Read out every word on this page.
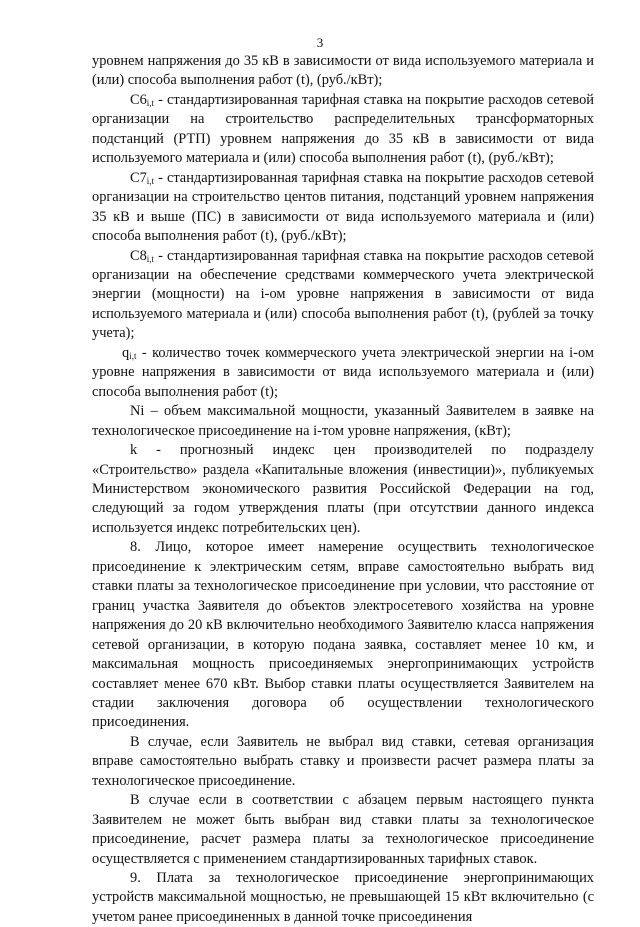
3

уровнем напряжения до 35 кВ в зависимости от вида используемого материала и (или) способа выполнения работ (t), (руб./кВт);

$С6_{i,t}$ - стандартизированная тарифная ставка на покрытие расходов сетевой организации на строительство распределительных трансформаторных подстанций (РТП) уровнем напряжения до 35 кВ в зависимости от вида используемого материала и (или) способа выполнения работ (t), (руб./кВт);

$С7_{i,t}$ - стандартизированная тарифная ставка на покрытие расходов сетевой организации на строительство центов питания, подстанций уровнем напряжения 35 кВ и выше (ПС) в зависимости от вида используемого материала и (или) способа выполнения работ (t), (руб./кВт);

$С8_{i,t}$ - стандартизированная тарифная ставка на покрытие расходов сетевой организации на обеспечение средствами коммерческого учета электрической энергии (мощности) на i-ом уровне напряжения в зависимости от вида используемого материала и (или) способа выполнения работ (t), (рублей за точку учета);

$q_{i,t}$ - количество точек коммерческого учета электрической энергии на i-ом уровне напряжения в зависимости от вида используемого материала и (или) способа выполнения работ (t);

Ni – объем максимальной мощности, указанный Заявителем в заявке на технологическое присоединение на i-том уровне напряжения, (кВт);

k - прогнозный индекс цен производителей по подразделу «Строительство» раздела «Капитальные вложения (инвестиции)», публикуемых Министерством экономического развития Российской Федерации на год, следующий за годом утверждения платы (при отсутствии данного индекса используется индекс потребительских цен).

8. Лицо, которое имеет намерение осуществить технологическое присоединение к электрическим сетям, вправе самостоятельно выбрать вид ставки платы за технологическое присоединение при условии, что расстояние от границ участка Заявителя до объектов электросетевого хозяйства на уровне напряжения до 20 кВ включительно необходимого Заявителю класса напряжения сетевой организации, в которую подана заявка, составляет менее 10 км, и максимальная мощность присоединяемых энергопринимающих устройств составляет менее 670 кВт. Выбор ставки платы осуществляется Заявителем на стадии заключения договора об осуществлении технологического присоединения.

В случае, если Заявитель не выбрал вид ставки, сетевая организация вправе самостоятельно выбрать ставку и произвести расчет размера платы за технологическое присоединение.

В случае если в соответствии с абзацем первым настоящего пункта Заявителем не может быть выбран вид ставки платы за технологическое присоединение, расчет размера платы за технологическое присоединение осуществляется с применением стандартизированных тарифных ставок.

9. Плата за технологическое присоединение энергопринимающих устройств максимальной мощностью, не превышающей 15 кВт включительно (с учетом ранее присоединенных в данной точке присоединения
